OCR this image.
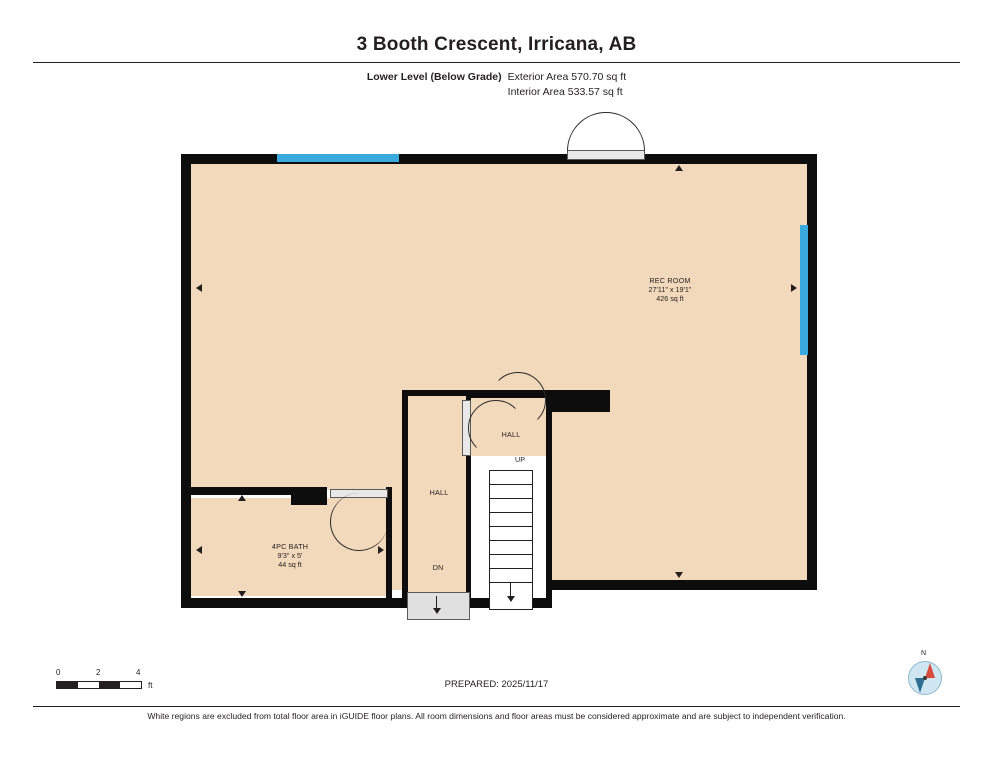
3 Booth Crescent, Irricana, AB
Lower Level (Below Grade) Exterior Area 570.70 sq ft
Interior Area 533.57 sq ft
REC ROOM
27'11" x 19'1"
426 sq ft
4PC BATH
9'3" x 5'
44 sq ft
HALL
HALL
UP
DN
0	2	4
ft	PREPARED: 2025/11/17
White regions are excluded from total floor area in iGUIDE floor plans. All room dimensions and floor areas must be considered approximate and are subject to independent verification.
N
